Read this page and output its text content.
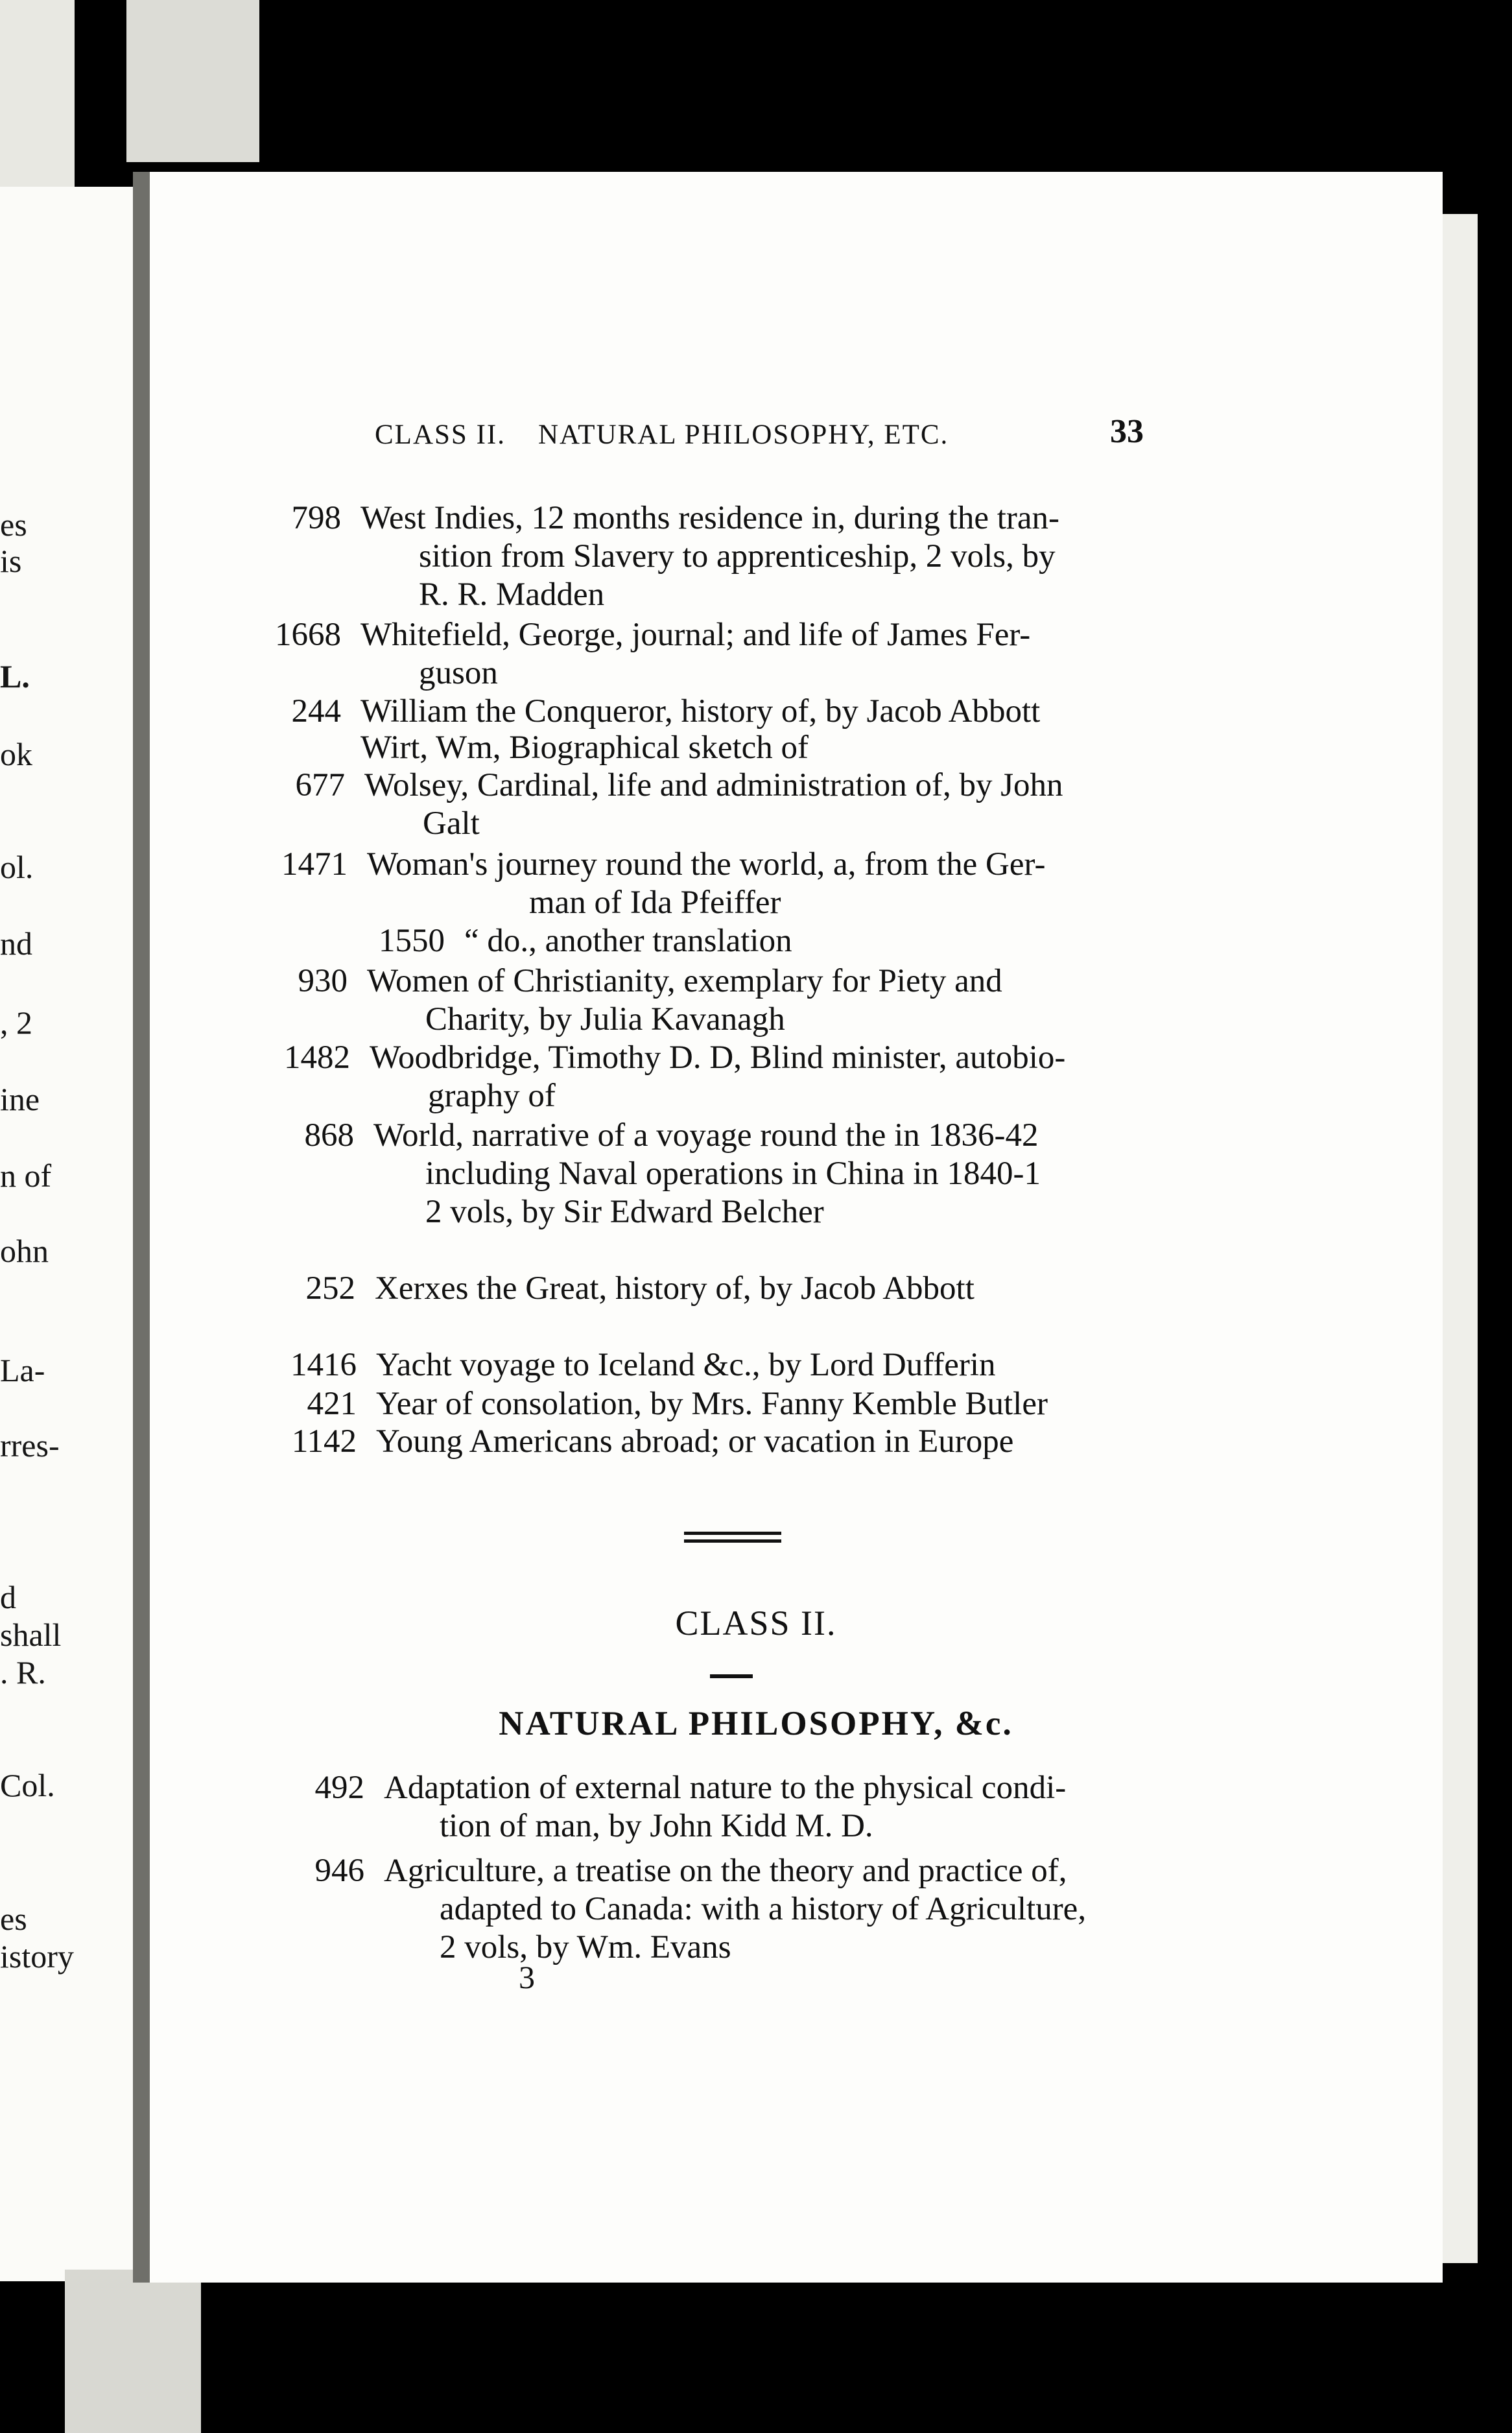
es
is
L.
ok
ol.
nd
, 2
ine
n of
ohn
La-
rres-
d
shall
. R.
Col.
es
istory
CLASS II. NATURAL PHILOSOPHY, ETC.	33
798 West Indies, 12 months residence in, during the tran-
sition from Slavery to apprenticeship, 2 vols, by
R. R. Madden
1668 Whitefield, George, journal; and life of James Fer-
guson
244 William the Conqueror, history of, by Jacob Abbott
Wirt, Wm, Biographical sketch of
677 Wolsey, Cardinal, life and administration of, by John
Galt
1471 Woman's journey round the world, a, from the Ger-
man of Ida Pfeiffer
1550 “ do., another translation
930 Women of Christianity, exemplary for Piety and
Charity, by Julia Kavanagh
1482 Woodbridge, Timothy D. D, Blind minister, autobio-
graphy of
868 World, narrative of a voyage round the in 1836-42
including Naval operations in China in 1840-1
2 vols, by Sir Edward Belcher
252 Xerxes the Great, history of, by Jacob Abbott
1416 Yacht voyage to Iceland &c., by Lord Dufferin
421 Year of consolation, by Mrs. Fanny Kemble Butler
1142 Young Americans abroad; or vacation in Europe
492 Adaptation of external nature to the physical condi-
tion of man, by John Kidd M. D.
946 Agriculture, a treatise on the theory and practice of,
adapted to Canada: with a history of Agriculture,
2 vols, by Wm. Evans
CLASS II.
NATURAL PHILOSOPHY, &c.
3
